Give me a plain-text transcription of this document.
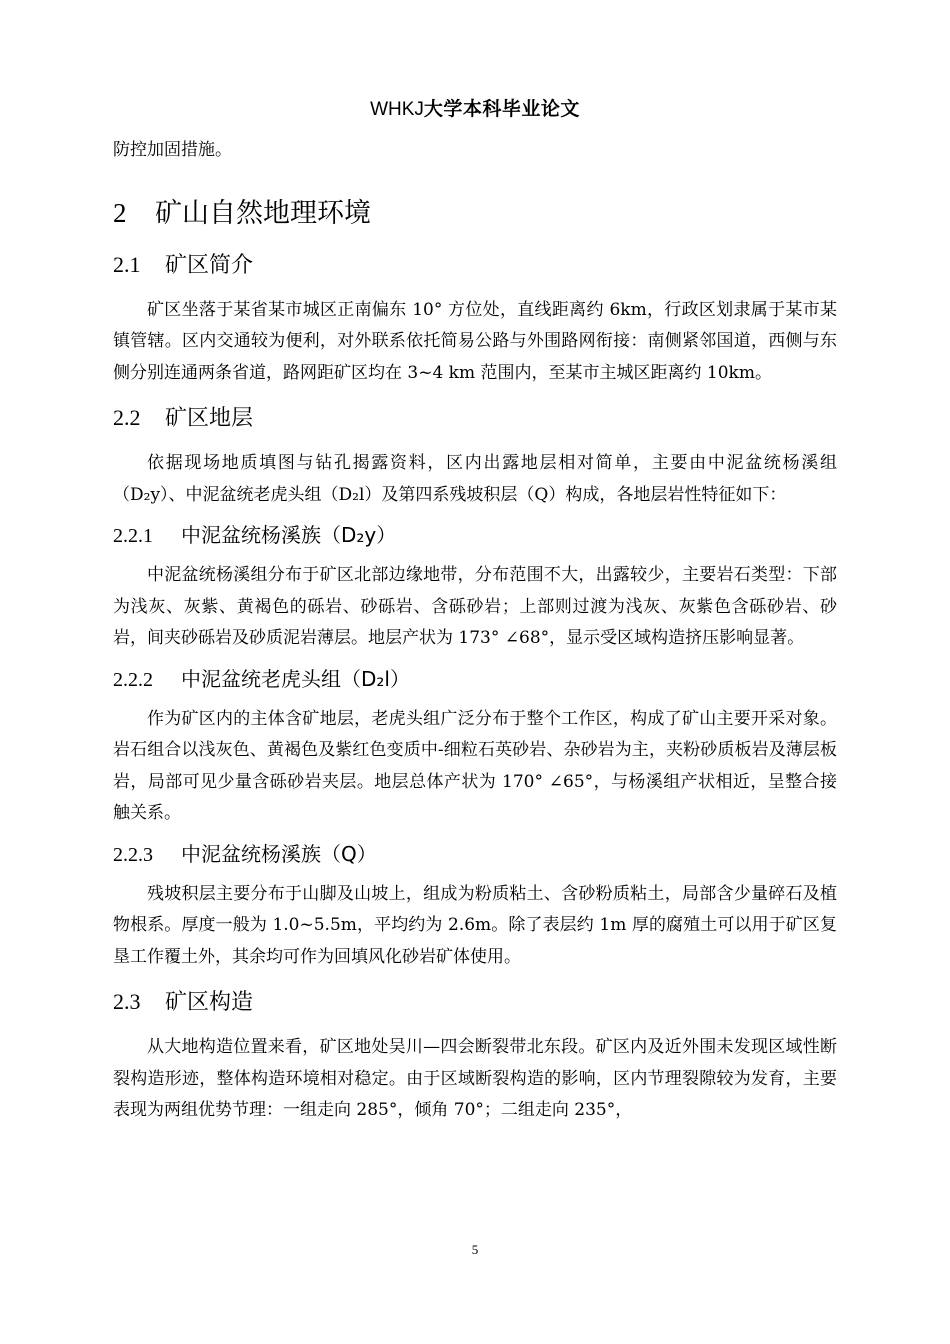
WHKJ大学本科毕业论文

防控加固措施。

2 矿山自然地理环境
2.1 矿区简介

矿区坐落于某省某市城区正南偏东 10° 方位处，直线距离约 6km，行政区划隶属于某市某镇管辖。区内交通较为便利，对外联系依托简易公路与外围路网衔接：南侧紧邻国道，西侧与东侧分别连通两条省道，路网距矿区均在 3~4 km 范围内，至某市主城区距离约 10km。

2.2 矿区地层

依据现场地质填图与钻孔揭露资料，区内出露地层相对简单，主要由中泥盆统杨溪组（D₂y）、中泥盆统老虎头组（D₂l）及第四系残坡积层（Q）构成，各地层岩性特征如下：

2.2.1 中泥盆统杨溪族（D₂y）

中泥盆统杨溪组分布于矿区北部边缘地带，分布范围不大，出露较少，主要岩石类型：下部为浅灰、灰紫、黄褐色的砾岩、砂砾岩、含砾砂岩；上部则过渡为浅灰、灰紫色含砾砂岩、砂岩，间夹砂砾岩及砂质泥岩薄层。地层产状为 173° ∠68°，显示受区域构造挤压影响显著。

2.2.2 中泥盆统老虎头组（D₂l）

作为矿区内的主体含矿地层，老虎头组广泛分布于整个工作区，构成了矿山主要开采对象。岩石组合以浅灰色、黄褐色及紫红色变质中-细粒石英砂岩、杂砂岩为主，夹粉砂质板岩及薄层板岩，局部可见少量含砾砂岩夹层。地层总体产状为 170° ∠65°，与杨溪组产状相近，呈整合接触关系。

2.2.3 中泥盆统杨溪族（Q）

残坡积层主要分布于山脚及山坡上，组成为粉质粘土、含砂粉质粘土，局部含少量碎石及植物根系。厚度一般为 1.0~5.5m，平均约为 2.6m。除了表层约 1m 厚的腐殖土可以用于矿区复垦工作覆土外，其余均可作为回填风化砂岩矿体使用。

2.3 矿区构造

从大地构造位置来看，矿区地处吴川—四会断裂带北东段。矿区内及近外围未发现区域性断裂构造形迹，整体构造环境相对稳定。由于区域断裂构造的影响，区内节理裂隙较为发育，主要表现为两组优势节理：一组走向 285°，倾角 70°；二组走向 235°，

5
